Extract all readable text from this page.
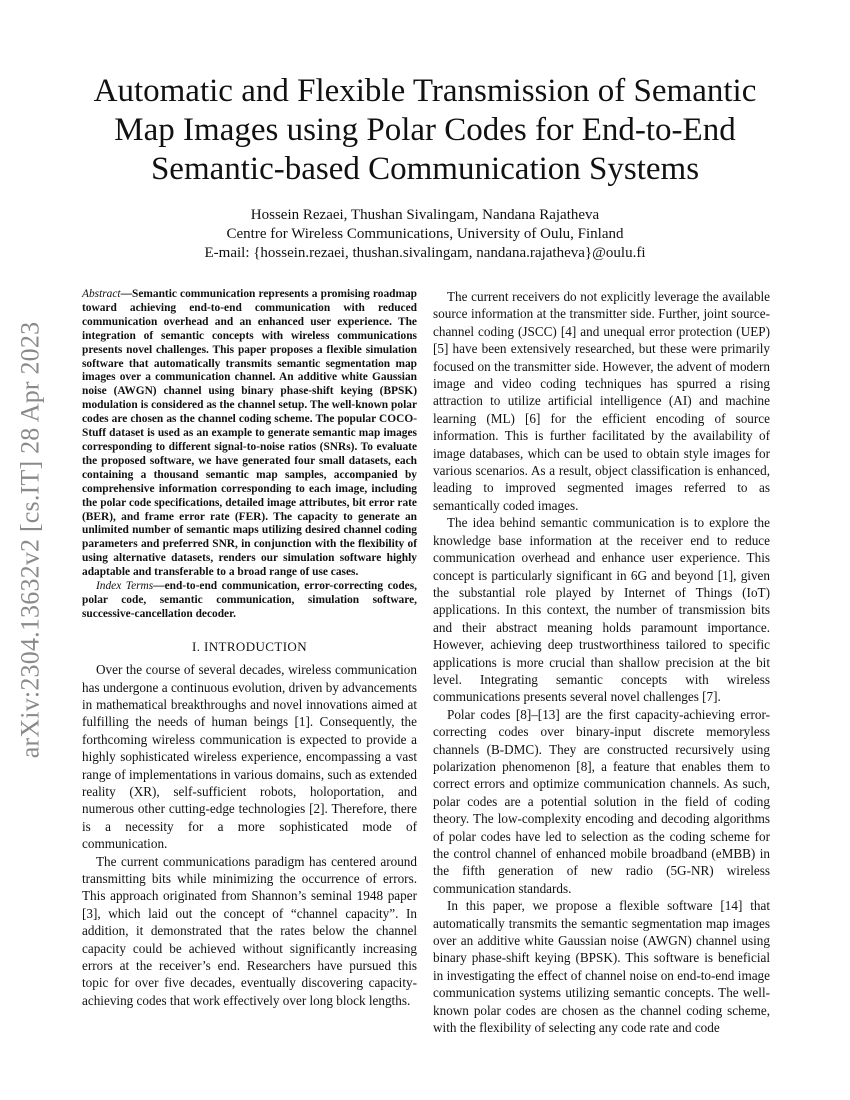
arXiv:2304.13632v2 [cs.IT] 28 Apr 2023
Automatic and Flexible Transmission of Semantic Map Images using Polar Codes for End-to-End Semantic-based Communication Systems
Hossein Rezaei, Thushan Sivalingam, Nandana Rajatheva
Centre for Wireless Communications, University of Oulu, Finland
E-mail: {hossein.rezaei, thushan.sivalingam, nandana.rajatheva}@oulu.fi

Abstract—Semantic communication represents a promising roadmap toward achieving end-to-end communication with reduced communication overhead and an enhanced user experience. The integration of semantic concepts with wireless communications presents novel challenges. This paper proposes a flexible simulation software that automatically transmits semantic segmentation map images over a communication channel. An additive white Gaussian noise (AWGN) channel using binary phase-shift keying (BPSK) modulation is considered as the channel setup. The well-known polar codes are chosen as the channel coding scheme. The popular COCO-Stuff dataset is used as an example to generate semantic map images corresponding to different signal-to-noise ratios (SNRs). To evaluate the proposed software, we have generated four small datasets, each containing a thousand semantic map samples, accompanied by comprehensive information corresponding to each image, including the polar code specifications, detailed image attributes, bit error rate (BER), and frame error rate (FER). The capacity to generate an unlimited number of semantic maps utilizing desired channel coding parameters and preferred SNR, in conjunction with the flexibility of using alternative datasets, renders our simulation software highly adaptable and transferable to a broad range of use cases.

Index Terms—end-to-end communication, error-correcting codes, polar code, semantic communication, simulation software, successive-cancellation decoder.

I. INTRODUCTION

Over the course of several decades, wireless communication has undergone a continuous evolution, driven by advancements in mathematical breakthroughs and novel innovations aimed at fulfilling the needs of human beings [1]. Consequently, the forthcoming wireless communication is expected to provide a highly sophisticated wireless experience, encompassing a vast range of implementations in various domains, such as extended reality (XR), self-sufficient robots, holoportation, and numerous other cutting-edge technologies [2]. Therefore, there is a necessity for a more sophisticated mode of communication.

The current communications paradigm has centered around transmitting bits while minimizing the occurrence of errors. This approach originated from Shannon’s seminal 1948 paper [3], which laid out the concept of “channel capacity”. In addition, it demonstrated that the rates below the channel capacity could be achieved without significantly increasing errors at the receiver’s end. Researchers have pursued this topic for over five decades, eventually discovering capacity-achieving codes that work effectively over long block lengths.

The current receivers do not explicitly leverage the available source information at the transmitter side. Further, joint source-channel coding (JSCC) [4] and unequal error protection (UEP) [5] have been extensively researched, but these were primarily focused on the transmitter side. However, the advent of modern image and video coding techniques has spurred a rising attraction to utilize artificial intelligence (AI) and machine learning (ML) [6] for the efficient encoding of source information. This is further facilitated by the availability of image databases, which can be used to obtain style images for various scenarios. As a result, object classification is enhanced, leading to improved segmented images referred to as semantically coded images.

The idea behind semantic communication is to explore the knowledge base information at the receiver end to reduce communication overhead and enhance user experience. This concept is particularly significant in 6G and beyond [1], given the substantial role played by Internet of Things (IoT) applications. In this context, the number of transmission bits and their abstract meaning holds paramount importance. However, achieving deep trustworthiness tailored to specific applications is more crucial than shallow precision at the bit level. Integrating semantic concepts with wireless communications presents several novel challenges [7].

Polar codes [8]–[13] are the first capacity-achieving error-correcting codes over binary-input discrete memoryless channels (B-DMC). They are constructed recursively using polarization phenomenon [8], a feature that enables them to correct errors and optimize communication channels. As such, polar codes are a potential solution in the field of coding theory. The low-complexity encoding and decoding algorithms of polar codes have led to selection as the coding scheme for the control channel of enhanced mobile broadband (eMBB) in the fifth generation of new radio (5G-NR) wireless communication standards.

In this paper, we propose a flexible software [14] that automatically transmits the semantic segmentation map images over an additive white Gaussian noise (AWGN) channel using binary phase-shift keying (BPSK). This software is beneficial in investigating the effect of channel noise on end-to-end image communication systems utilizing semantic concepts. The well-known polar codes are chosen as the channel coding scheme, with the flexibility of selecting any code rate and code
